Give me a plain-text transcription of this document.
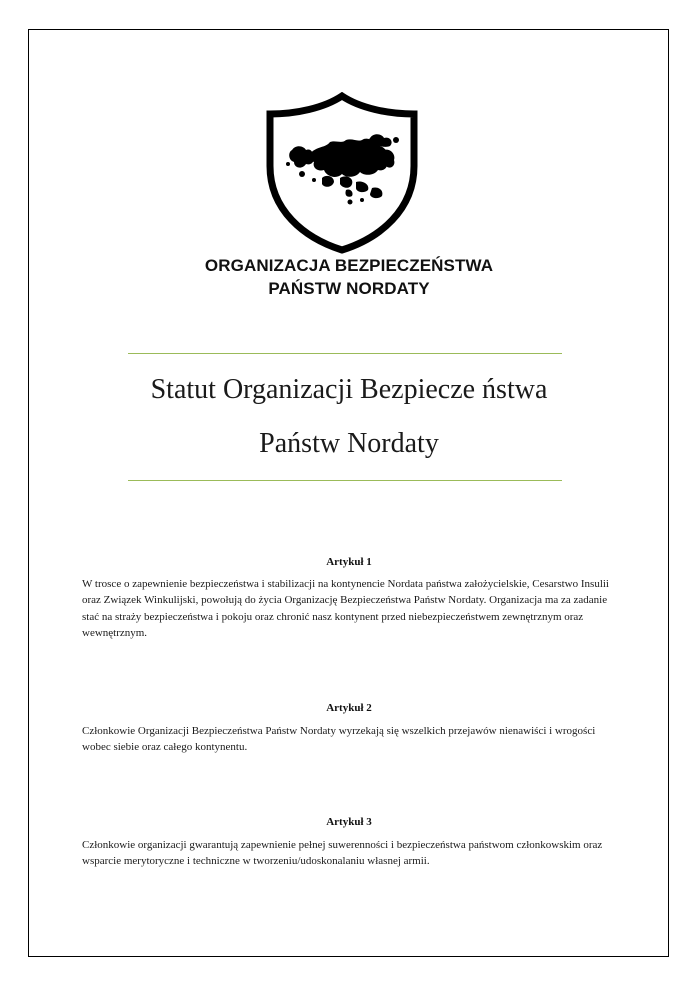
ORGANIZACJA BEZPIECZEŃSTWA
PAŃSTW NORDATY
Statut Organizacji Bezpiecze ństwa
Państw Nordaty
Artykuł 1
W trosce o zapewnienie bezpieczeństwa i stabilizacji na kontynencie Nordata państwa założycielskie, Cesarstwo Insulii oraz Związek Winkulijski, powołują do życia Organizację Bezpieczeństwa Państw Nordaty. Organizacja ma za zadanie stać na straży bezpieczeństwa i pokoju oraz chronić nasz kontynent przed niebezpieczeństwem zewnętrznym oraz wewnętrznym.
Artykuł 2
Członkowie Organizacji Bezpieczeństwa Państw Nordaty wyrzekają się wszelkich przejawów nienawiści i wrogości wobec siebie oraz całego kontynentu.
Artykuł 3
Członkowie organizacji gwarantują zapewnienie pełnej suwerenności i bezpieczeństwa państwom członkowskim oraz wsparcie merytoryczne i techniczne w tworzeniu/udoskonalaniu własnej armii.
